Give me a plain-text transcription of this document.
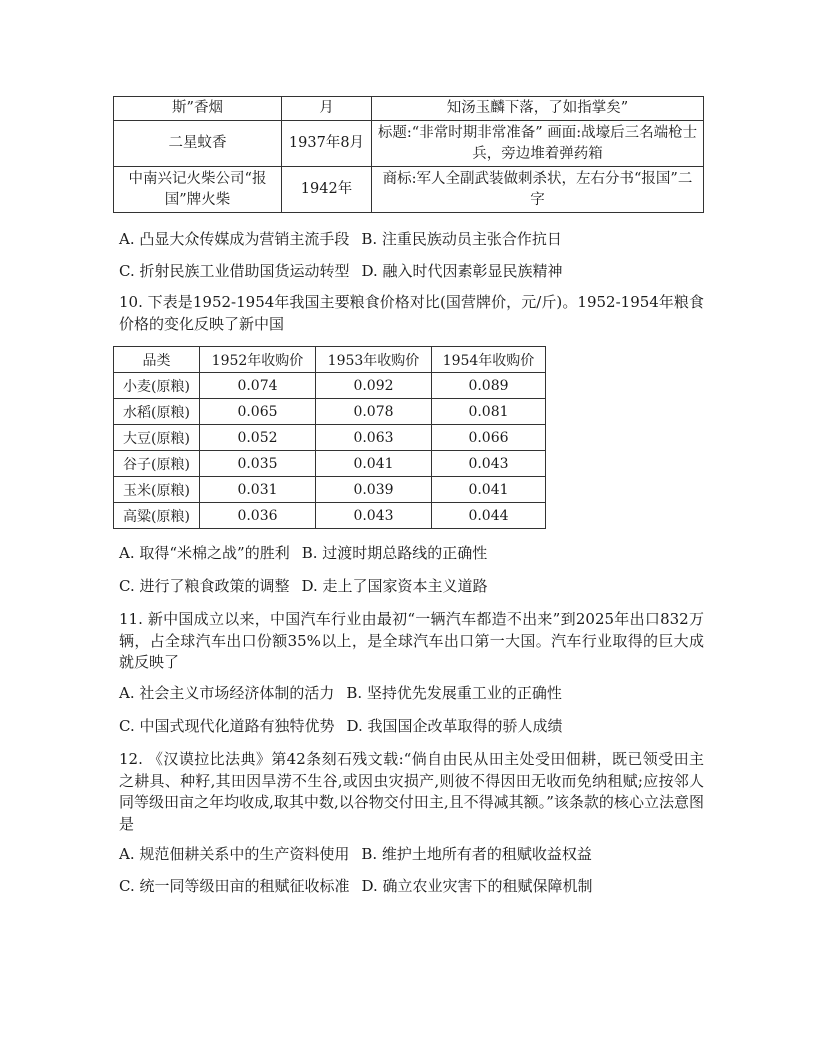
斯”香烟	月	知汤玉麟下落，了如指掌矣”
二星蚊香	1937年8月	标题:“非常时期非常准备” 画面:战壕后三名端枪士兵，旁边堆着弹药箱
中南兴记火柴公司“报国”牌火柴	1942年	商标:军人全副武装做刺杀状，左右分书“报国”二字
A. 凸显大众传媒成为营销主流手段 B. 注重民族动员主张合作抗日
C. 折射民族工业借助国货运动转型 D. 融入时代因素彰显民族精神
10. 下表是1952-1954年我国主要粮食价格对比(国营牌价，元/斤)。1952-1954年粮食价格的变化反映了新中国
品类	1952年收购价	1953年收购价	1954年收购价
小麦(原粮)	0.074	0.092	0.089
水稻(原粮)	0.065	0.078	0.081
大豆(原粮)	0.052	0.063	0.066
谷子(原粮)	0.035	0.041	0.043
玉米(原粮)	0.031	0.039	0.041
高粱(原粮)	0.036	0.043	0.044
A. 取得“米棉之战”的胜利 B. 过渡时期总路线的正确性
C. 进行了粮食政策的调整 D. 走上了国家资本主义道路
11. 新中国成立以来，中国汽车行业由最初“一辆汽车都造不出来”到2025年出口832万辆，占全球汽车出口份额35%以上，是全球汽车出口第一大国。汽车行业取得的巨大成就反映了
A. 社会主义市场经济体制的活力 B. 坚持优先发展重工业的正确性
C. 中国式现代化道路有独特优势 D. 我国国企改革取得的骄人成绩
12. 《汉谟拉比法典》第42条刻石残文载:“倘自由民从田主处受田佃耕，既已领受田主之耕具、种籽,其田因旱涝不生谷,或因虫灾损产,则彼不得因田无收而免纳租赋;应按邻人同等级田亩之年均收成,取其中数,以谷物交付田主,且不得减其额。”该条款的核心立法意图是
A. 规范佃耕关系中的生产资料使用 B. 维护土地所有者的租赋收益权益
C. 统一同等级田亩的租赋征收标准 D. 确立农业灾害下的租赋保障机制
